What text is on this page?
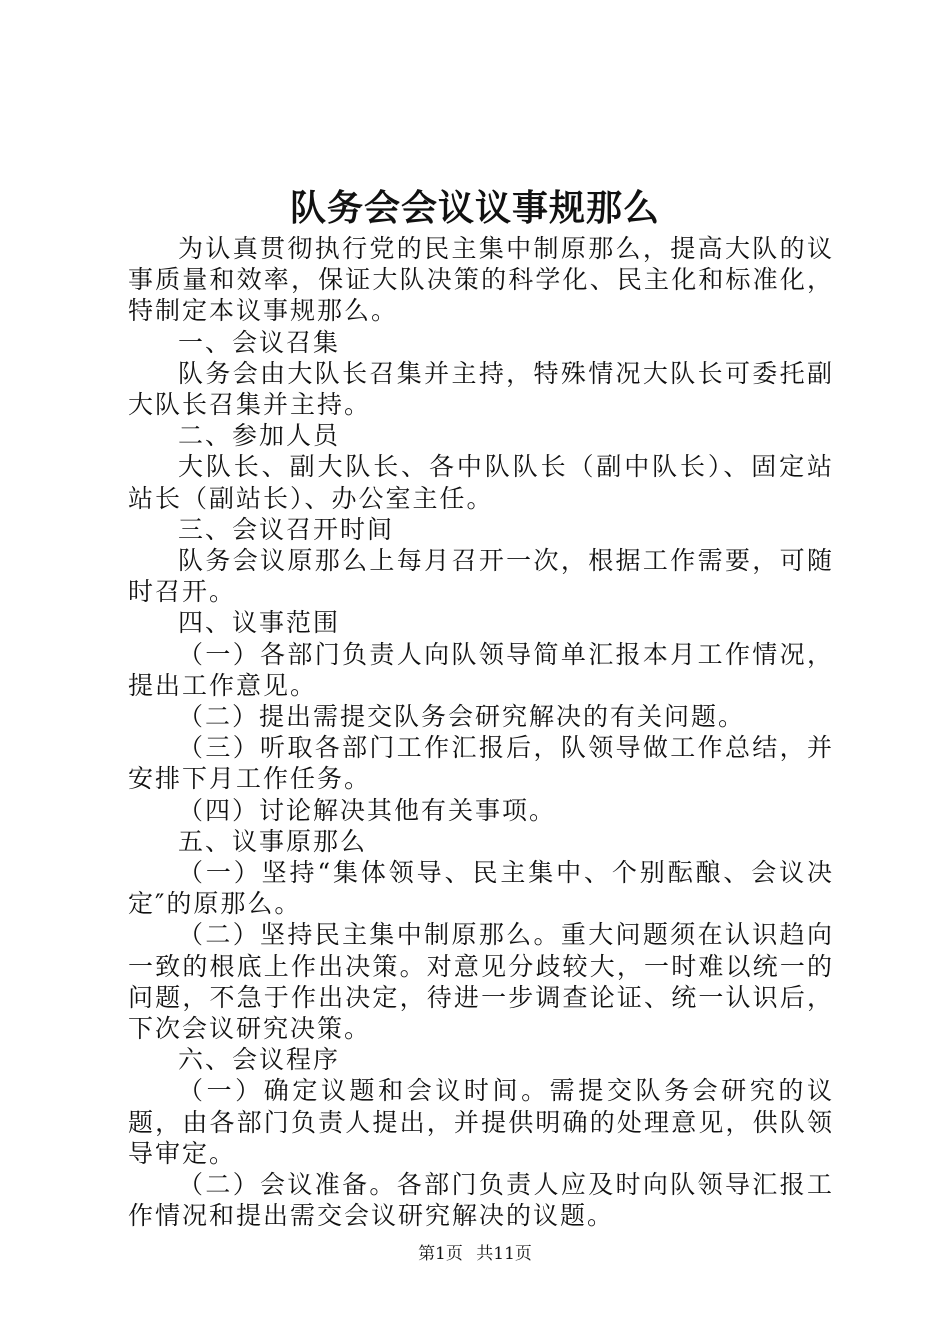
队务会会议议事规那么

为认真贯彻执行党的民主集中制原那么，提高大队的议事质量和效率，保证大队决策的科学化、民主化和标准化，特制定本议事规那么。

一、会议召集

队务会由大队长召集并主持，特殊情况大队长可委托副大队长召集并主持。

二、参加人员

大队长、副大队长、各中队队长（副中队长）、固定站站长（副站长）、办公室主任。

三、会议召开时间

队务会议原那么上每月召开一次，根据工作需要，可随时召开。

四、议事范围

（一）各部门负责人向队领导简单汇报本月工作情况，提出工作意见。

（二）提出需提交队务会研究解决的有关问题。

（三）听取各部门工作汇报后，队领导做工作总结，并安排下月工作任务。

（四）讨论解决其他有关事项。

五、议事原那么

（一）坚持“集体领导、民主集中、个别酝酿、会议决定″的原那么。

（二）坚持民主集中制原那么。重大问题须在认识趋向一致的根底上作出决策。对意见分歧较大，一时难以统一的问题，不急于作出决定，待进一步调查论证、统一认识后，下次会议研究决策。

六、会议程序

（一）确定议题和会议时间。需提交队务会研究的议题，由各部门负责人提出，并提供明确的处理意见，供队领导审定。

（二）会议准备。各部门负责人应及时向队领导汇报工作情况和提出需交会议研究解决的议题。

第1页 共11页
